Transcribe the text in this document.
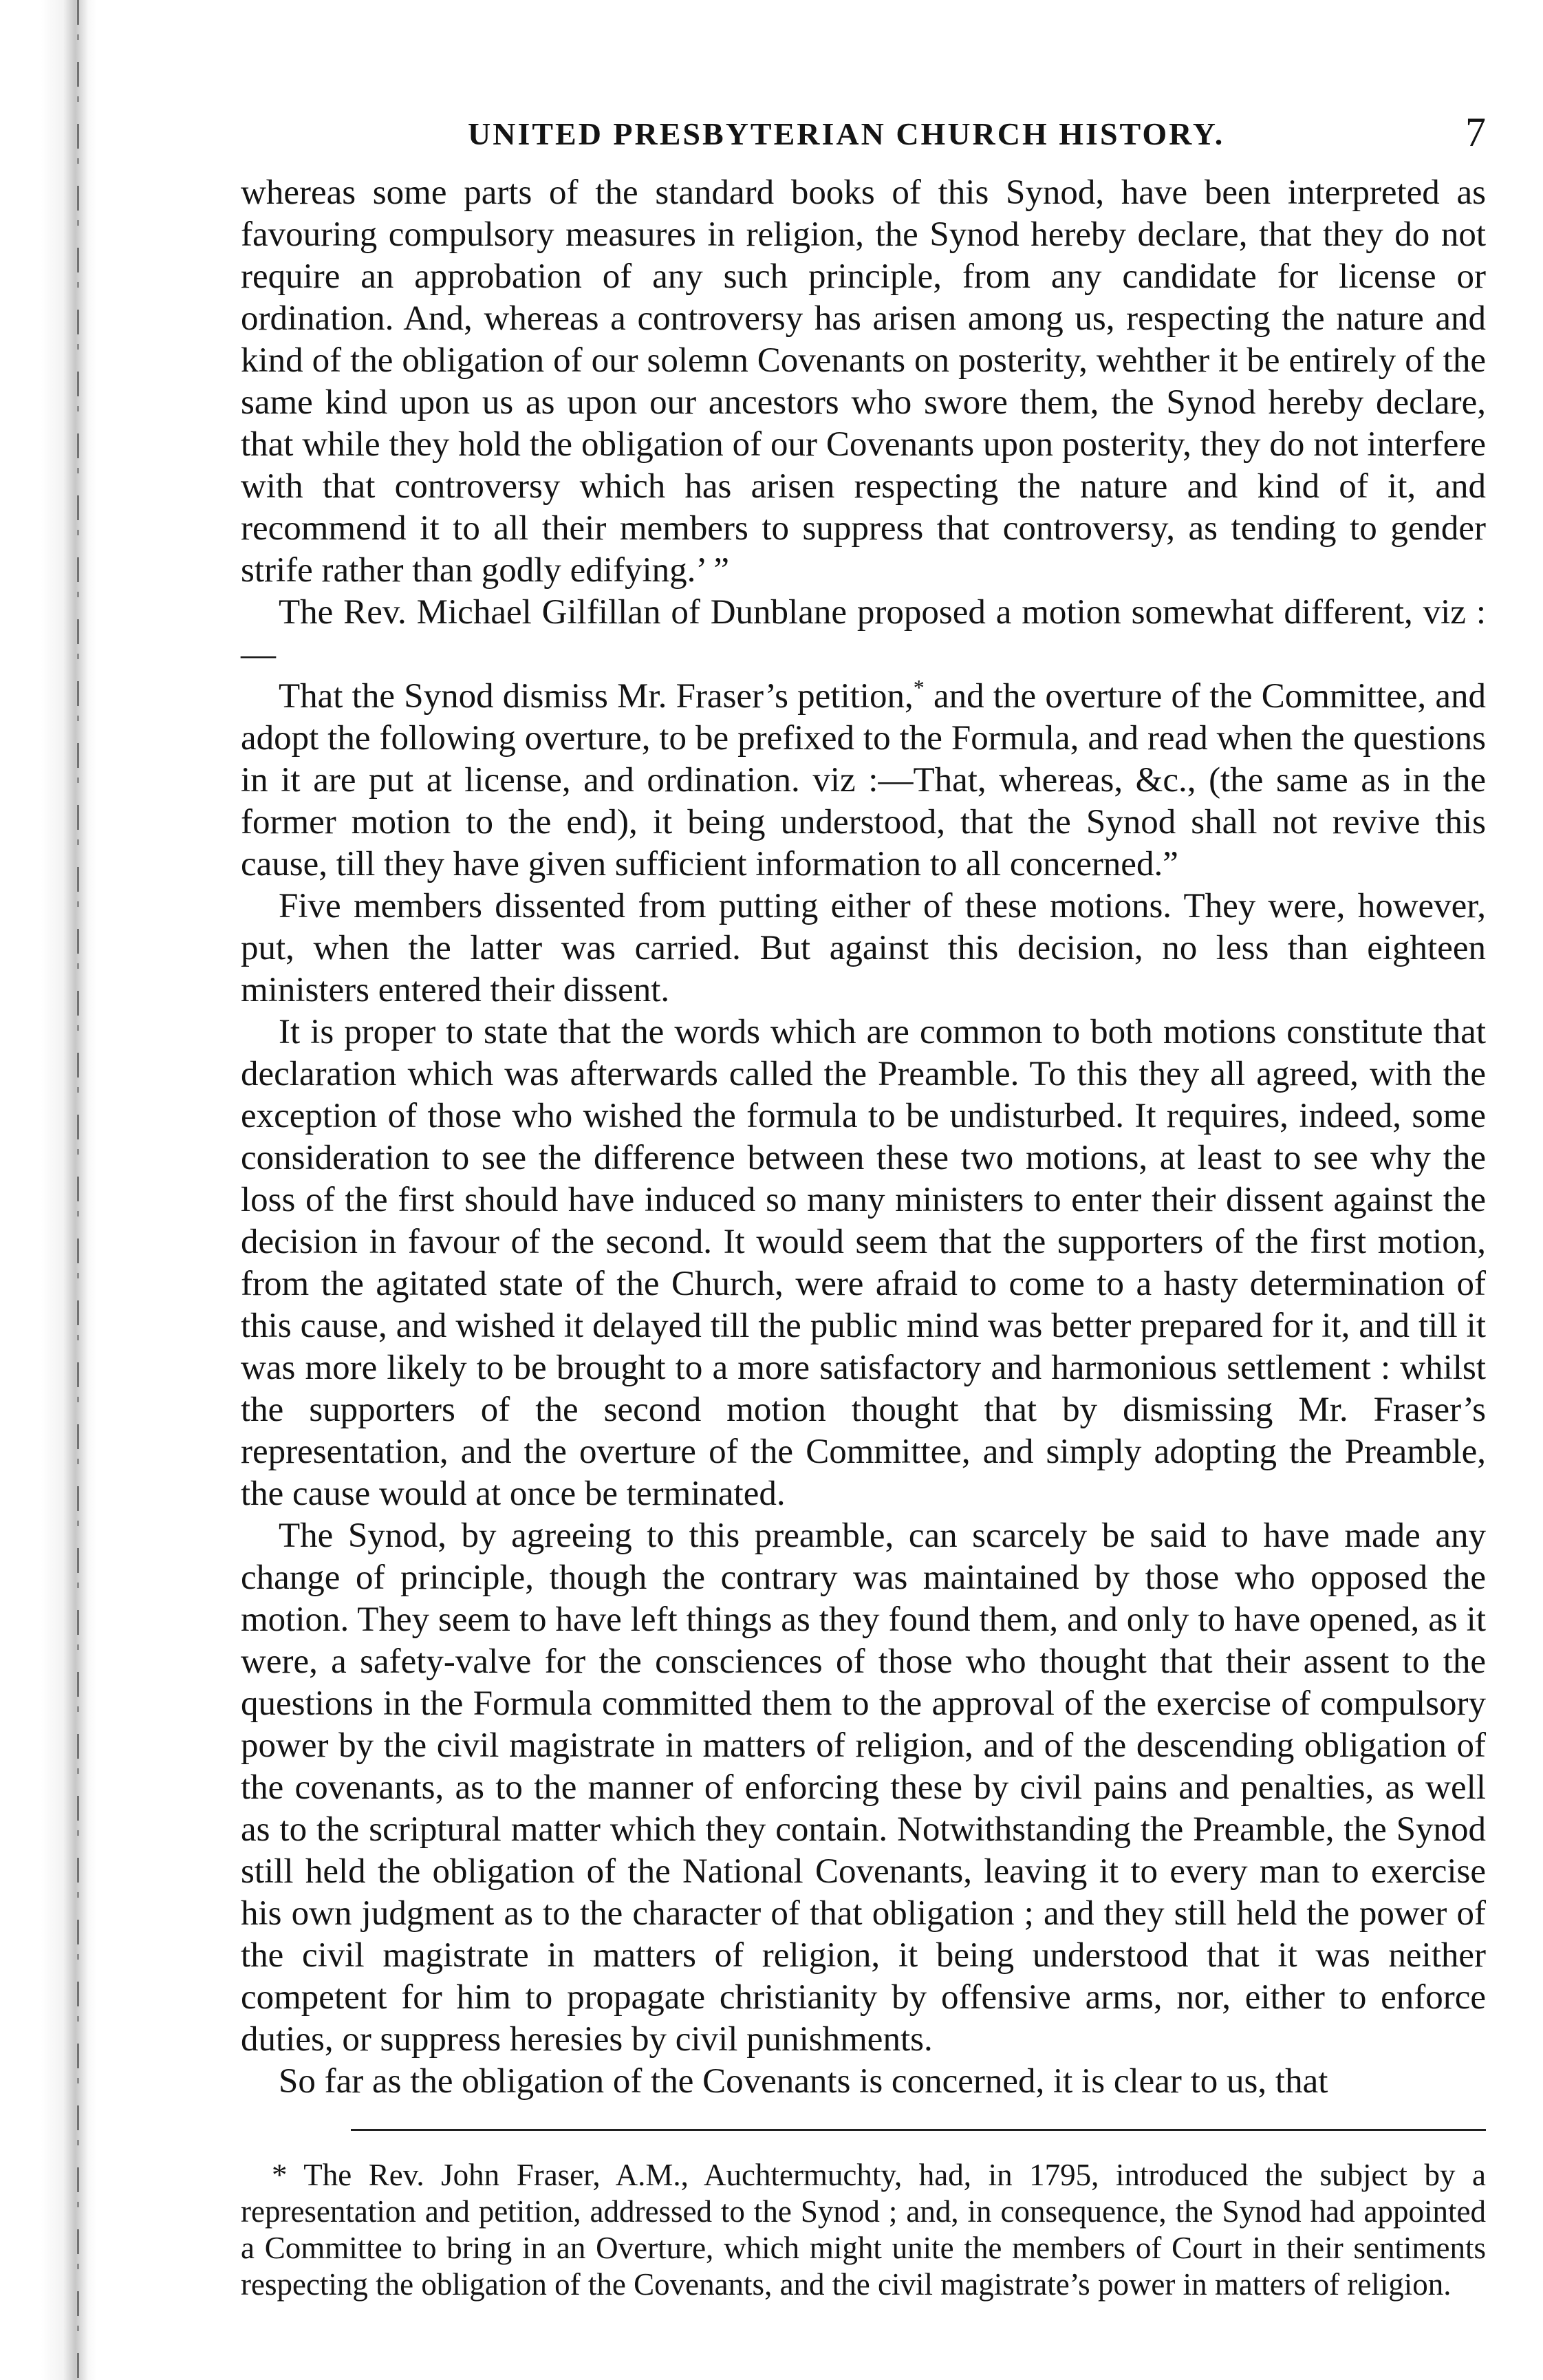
UNITED PRESBYTERIAN CHURCH HISTORY.	7

whereas some parts of the standard books of this Synod, have been interpreted as favouring compulsory measures in religion, the Synod hereby declare, that they do not require an approbation of any such principle, from any candidate for license or ordination. And, whereas a controversy has arisen among us, respecting the nature and kind of the obligation of our solemn Covenants on posterity, wehther it be entirely of the same kind upon us as upon our ancestors who swore them, the Synod hereby declare, that while they hold the obligation of our Covenants upon posterity, they do not interfere with that controversy which has arisen respecting the nature and kind of it, and recommend it to all their members to suppress that controversy, as tending to gender strife rather than godly edifying.’ ”

The Rev. Michael Gilfillan of Dunblane proposed a motion somewhat different, viz :—

That the Synod dismiss Mr. Fraser’s petition,* and the overture of the Committee, and adopt the following overture, to be prefixed to the Formula, and read when the questions in it are put at license, and ordination. viz :—That, whereas, &c., (the same as in the former motion to the end), it being understood, that the Synod shall not revive this cause, till they have given sufficient information to all concerned.”

Five members dissented from putting either of these motions. They were, however, put, when the latter was carried. But against this decision, no less than eighteen ministers entered their dissent.

It is proper to state that the words which are common to both motions constitute that declaration which was afterwards called the Preamble. To this they all agreed, with the exception of those who wished the formula to be undisturbed. It requires, indeed, some consideration to see the difference between these two motions, at least to see why the loss of the first should have induced so many ministers to enter their dissent against the decision in favour of the second. It would seem that the supporters of the first motion, from the agitated state of the Church, were afraid to come to a hasty determination of this cause, and wished it delayed till the public mind was better prepared for it, and till it was more likely to be brought to a more satisfactory and harmonious settlement : whilst the supporters of the second motion thought that by dismissing Mr. Fraser’s representation, and the overture of the Committee, and simply adopting the Preamble, the cause would at once be terminated.

The Synod, by agreeing to this preamble, can scarcely be said to have made any change of principle, though the contrary was maintained by those who opposed the motion. They seem to have left things as they found them, and only to have opened, as it were, a safety-valve for the consciences of those who thought that their assent to the questions in the Formula committed them to the approval of the exercise of compulsory power by the civil magistrate in matters of religion, and of the descending obligation of the covenants, as to the manner of enforcing these by civil pains and penalties, as well as to the scriptural matter which they contain. Notwithstanding the Preamble, the Synod still held the obligation of the National Covenants, leaving it to every man to exercise his own judgment as to the character of that obligation ; and they still held the power of the civil magistrate in matters of religion, it being understood that it was neither competent for him to propagate christianity by offensive arms, nor, either to enforce duties, or suppress heresies by civil punishments.

So far as the obligation of the Covenants is concerned, it is clear to us, that

* The Rev. John Fraser, A.M., Auchtermuchty, had, in 1795, introduced the subject by a representation and petition, addressed to the Synod ; and, in consequence, the Synod had appointed a Committee to bring in an Overture, which might unite the members of Court in their sentiments respecting the obligation of the Covenants, and the civil magistrate’s power in matters of religion.
